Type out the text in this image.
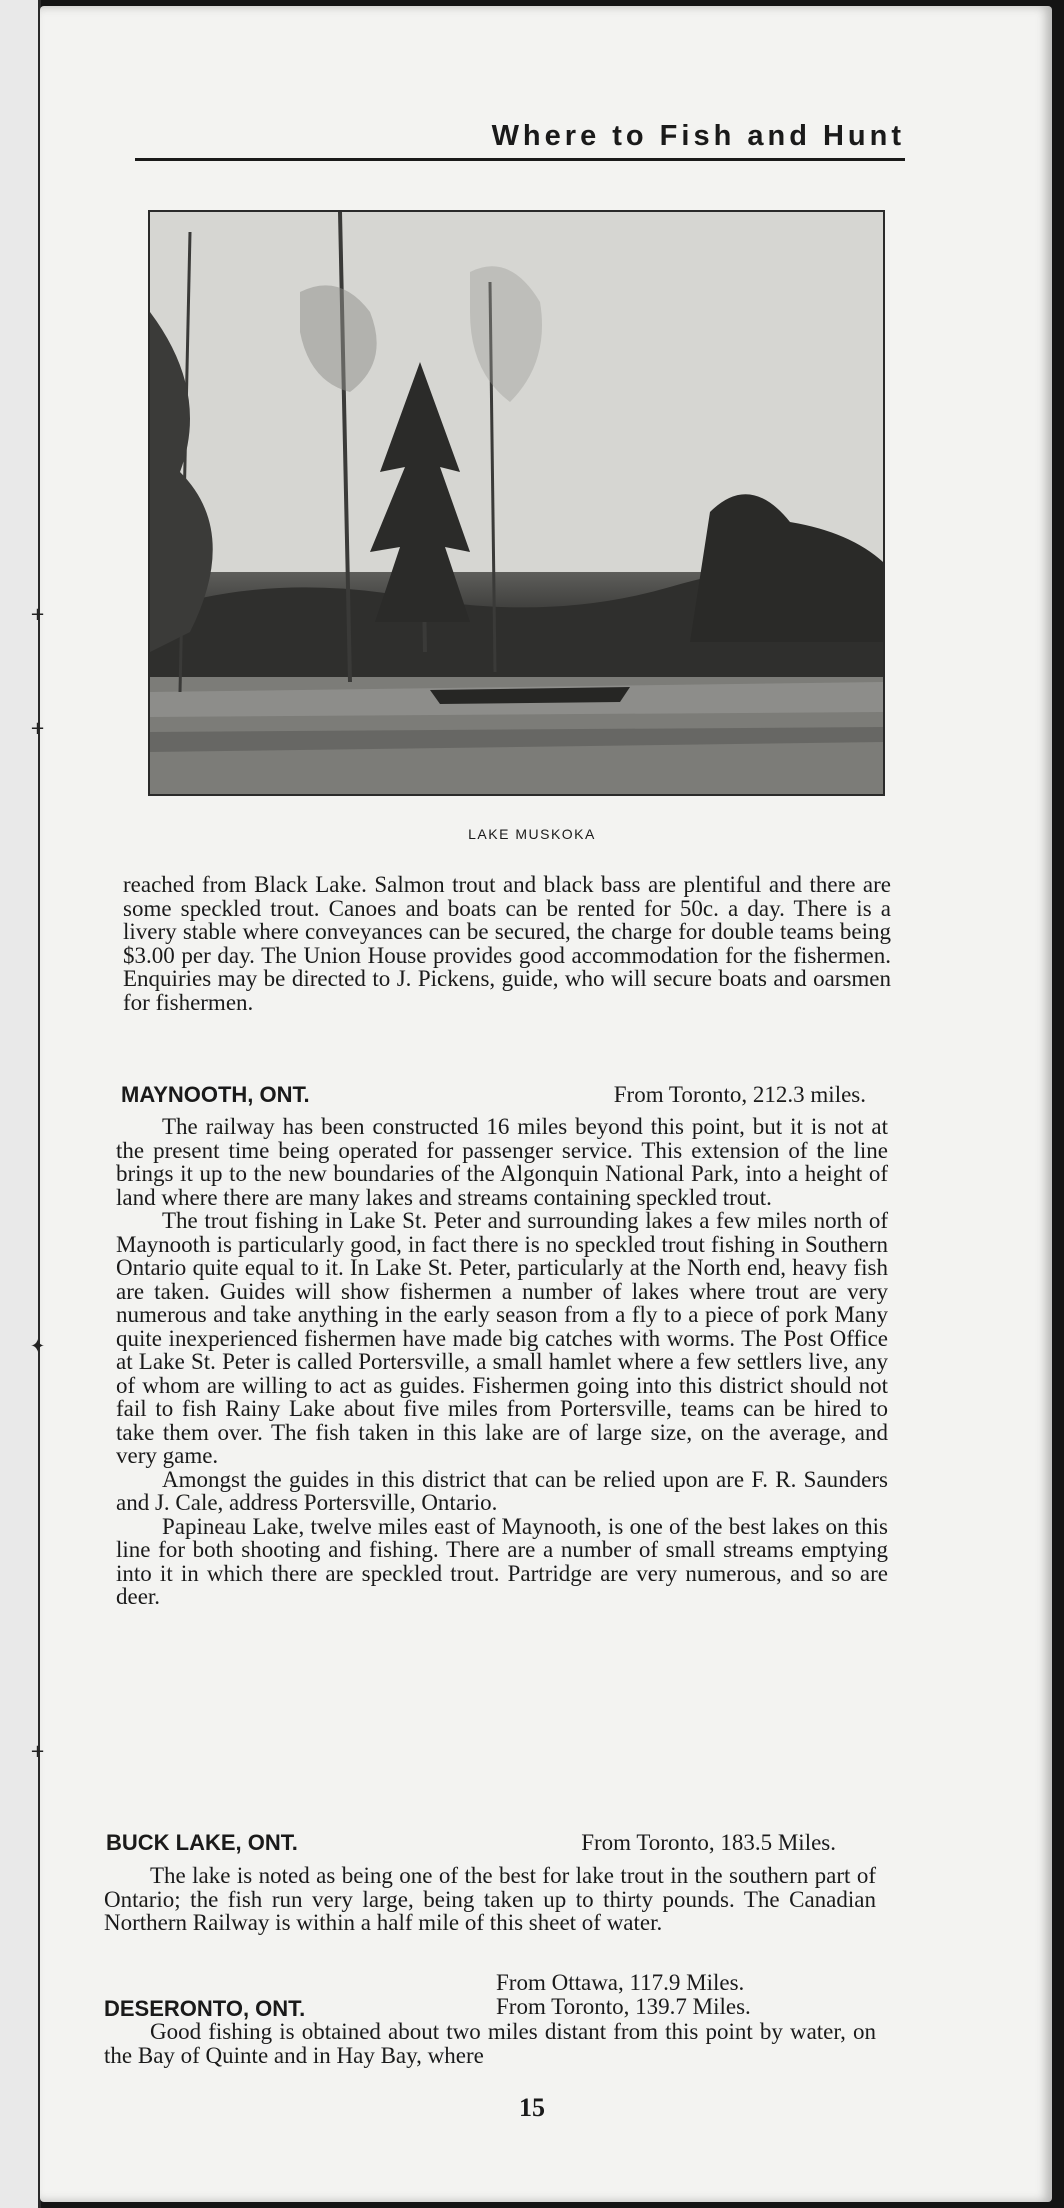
+
+
✦
+
Where to Fish and Hunt
LAKE MUSKOKA

reached from Black Lake. Salmon trout and black bass are plentiful and there are some speckled trout. Canoes and boats can be rented for 50c. a day. There is a livery stable where conveyances can be secured, the charge for double teams being $3.00 per day. The Union House provides good accommodation for the fishermen. Enquiries may be directed to J. Pickens, guide, who will secure boats and oarsmen for fishermen.

MAYNOOTH, ONT.	From Toronto, 212.3 miles.

The railway has been constructed 16 miles beyond this point, but it is not at the present time being operated for passenger service. This extension of the line brings it up to the new boundaries of the Algonquin National Park, into a height of land where there are many lakes and streams containing speckled trout.

The trout fishing in Lake St. Peter and surrounding lakes a few miles north of Maynooth is particularly good, in fact there is no speckled trout fishing in Southern Ontario quite equal to it. In Lake St. Peter, particularly at the North end, heavy fish are taken. Guides will show fishermen a number of lakes where trout are very numerous and take anything in the early season from a fly to a piece of pork Many quite inexperienced fishermen have made big catches with worms. The Post Office at Lake St. Peter is called Portersville, a small hamlet where a few settlers live, any of whom are willing to act as guides. Fishermen going into this district should not fail to fish Rainy Lake about five miles from Portersville, teams can be hired to take them over. The fish taken in this lake are of large size, on the average, and very game.

Amongst the guides in this district that can be relied upon are F. R. Saunders and J. Cale, address Portersville, Ontario.

Papineau Lake, twelve miles east of Maynooth, is one of the best lakes on this line for both shooting and fishing. There are a number of small streams emptying into it in which there are speckled trout. Partridge are very numerous, and so are deer.

BUCK LAKE, ONT.	From Toronto, 183.5 Miles.

The lake is noted as being one of the best for lake trout in the southern part of Ontario; the fish run very large, being taken up to thirty pounds. The Canadian Northern Railway is within a half mile of this sheet of water.

From Ottawa, 117.9 Miles.
From Toronto, 139.7 Miles.
DESERONTO, ONT.

Good fishing is obtained about two miles distant from this point by water, on the Bay of Quinte and in Hay Bay, where

15
